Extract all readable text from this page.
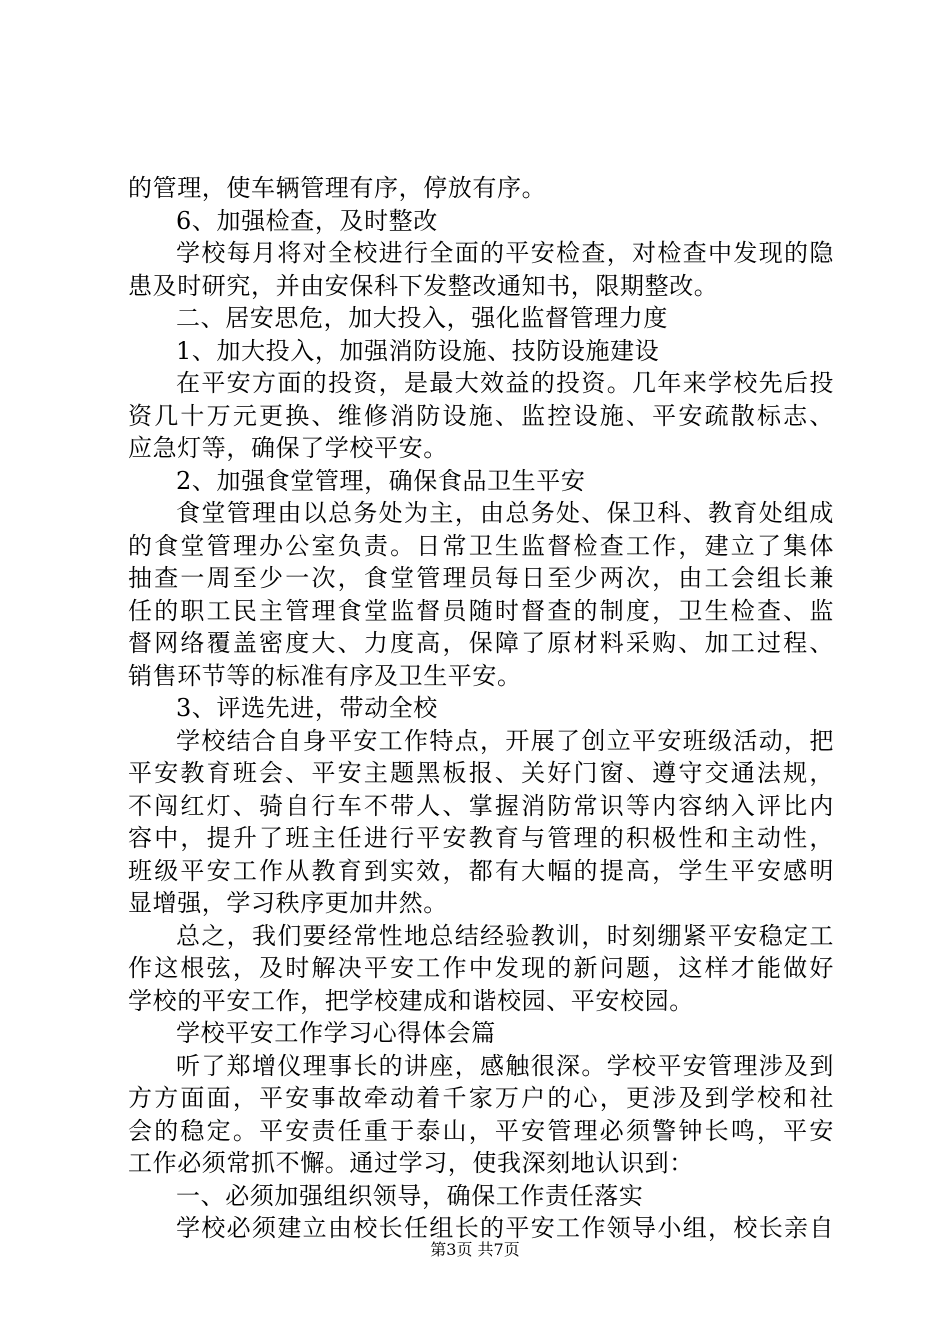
的管理，使车辆管理有序，停放有序。
6、加强检查，及时整改
学校每月将对全校进行全面的平安检查，对检查中发现的隐
患及时研究，并由安保科下发整改通知书，限期整改。
二、居安思危，加大投入，强化监督管理力度
1、加大投入，加强消防设施、技防设施建设
在平安方面的投资，是最大效益的投资。几年来学校先后投
资几十万元更换、维修消防设施、监控设施、平安疏散标志、
应急灯等，确保了学校平安。
2、加强食堂管理，确保食品卫生平安
食堂管理由以总务处为主，由总务处、保卫科、教育处组成
的食堂管理办公室负责。日常卫生监督检查工作，建立了集体
抽查一周至少一次，食堂管理员每日至少两次，由工会组长兼
任的职工民主管理食堂监督员随时督查的制度，卫生检查、监
督网络覆盖密度大、力度高，保障了原材料采购、加工过程、
销售环节等的标准有序及卫生平安。
3、评选先进，带动全校
学校结合自身平安工作特点，开展了创立平安班级活动，把
平安教育班会、平安主题黑板报、关好门窗、遵守交通法规，
不闯红灯、骑自行车不带人、掌握消防常识等内容纳入评比内
容中，提升了班主任进行平安教育与管理的积极性和主动性，
班级平安工作从教育到实效，都有大幅的提高，学生平安感明
显增强，学习秩序更加井然。
总之，我们要经常性地总结经验教训，时刻绷紧平安稳定工
作这根弦，及时解决平安工作中发现的新问题，这样才能做好
学校的平安工作，把学校建成和谐校园、平安校园。
学校平安工作学习心得体会篇
听了郑增仪理事长的讲座，感触很深。学校平安管理涉及到
方方面面，平安事故牵动着千家万户的心，更涉及到学校和社
会的稳定。平安责任重于泰山，平安管理必须警钟长鸣，平安
工作必须常抓不懈。通过学习，使我深刻地认识到：
一、必须加强组织领导，确保工作责任落实
学校必须建立由校长任组长的平安工作领导小组，校长亲自
第3页 共7页
